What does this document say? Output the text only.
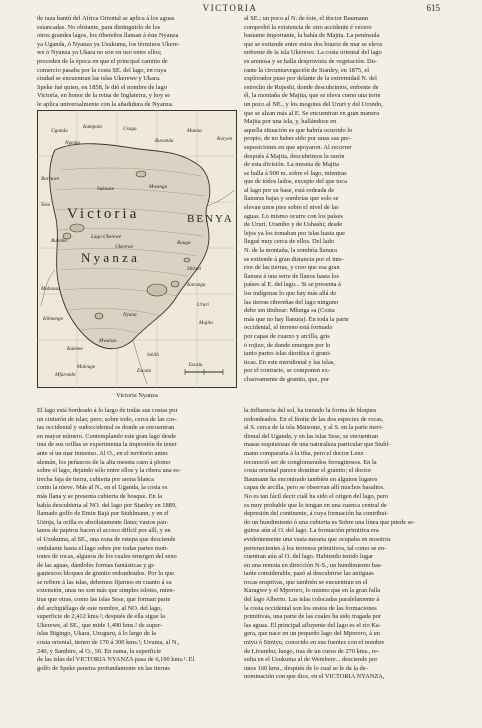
VICTORIA	615
de raza bantú del África Oriental se aplica á los aguas
estancadas. No obstante, para distinguirlo de los
otros grandes lagos, los ribereños llaman á éste Nyanza
ya Uganda, ó Nyanza ya Usukuma, los términos Ukere-
we ó Nyanza ya Ukara no son en uso entre ellos;
proceden de la época en que el principal camino de
comercio pasaba por la costa SE. del lago, en cuya
ciudad se encuentran las islas Ukerewe y Ukara.
Speke fué quien, en 1858, le dió el nombre de lago
Victoria, en honor de la reina de Inglaterra, y hoy se
le aplica universalmente con la añadidura de Nyanza.
al SE.; un poco al N. de éste, el doctor Baumann
comprobó la existencia de otro accidente é vecero
bastante importante, la bahía de Majita. La península
que se extiende entre estos dos brazos de mar se eleva
enfrente de la isla Ukerewe. La costa oriental del lago
es arenosa y se halla desprovista de vegetación. Du-
rante la circunnavegación de Stanley, en 1875, el
explorador puso por delante de la extremidad N. del
estrecho de Rujeshi, donde descubrimos, enfrente de
él, la montaña de Majita, que se eleva como una torre
un poco al NE., y los mogotes del Ururi y del Urondo,
que se alzan más al E. Se encuentran en gran manera
Majita por una isla, y, hallándose en
aquella situación es que habría ocurrido lo
propio, de no haber sido por unas sus pre-
suposiciones en que apoyaron. Al recorrer
después á Majita, descubrimos la razón
de esta división. La meseta de Majita
se halla á 900 m. sobre el lago, mientras
que de todos lados, excepto del que toca
al lago por su base, está rodeada de
llanuras bajas y sombrías que solo se
elevan unos pies sobre el nivel de las
aguas. Lo mismo ocurre con los países
de Ururi, Urambo y de Ushashi; desde
lejos ya los tomaban por islas hasta que
llegué muy cerca de ellos. Del lado
N. de la montaña, la sombría llanura
se extiende á gran distancia por el inte-
rior de las tierras, y creo que esa gran
llanura á una serie de llanos hasta los
países al E. del lago... Si se presenta á
los indígenas lo que hay más allá de
las tierras ribereñas del lago ninguno
debe sin titubear: Mlunga sa (Costa
más que no hay llanura). En toda la parte
occidental, el terreno está formado
por capas de cuarzo y arcilla, gris
ó rojizo, de donde emergen por lo
tanto partes islas diorítica ó grani-
ticas. En este meridional y las islas,
por el contrario, se componen ex-
clusivamente de granito, que, por
Uganda
Kampala	Usoga	Mumia
Koryen
Ngoma	Ruvanda
Burruwe
Sese
Sukause	Mwanga
Bukoba
Lago Ukerewe
Ukerewe
Rouga
Shirati
Karungu
Ururi
Majita
Nyana
Mwanza
Kuleme
Maleuge
Smith
Escala
Kilmengo
Muhassu
Mfarombi
Victoria
N y a n z a
BENYA
Escala
Victoria Nyanza
El lago está bordeado á lo largo de todas sus costas por
un cinturón de islas; pero, sobre todo, cerca de las cos-
tas occidental y sudoccidental es donde se encuentran
en mayor número. Contemplando este gran lago desde
una de sus orillas se experimenta la impresión de tener
ante sí un mar inmenso. Al O., en el territorio antes
alemán, los peñascos de la alta meseta caen á plomo
sobre el lago, dejando sólo entre ellos y la ribera una es-
trecha faja de tierra, cubierta por arena blanca
como la nieve. Más al N., en el Uganda, la costa es
más llana y se presenta cubierta de bosque. En la
bahía descubierta al NO. del lago por Stanley en 1889,
llamado golfo de Emin Bajá por Stuhlmann, y en el
Usinja, la orilla es absolutamente llana; vastos pan-
tanos de papiros hacen el acceso difícil por allí, y en
el Uzukuma, al SE., una zona de estepa que desciende
ondulante hasta el lago sobre por todas partes mon-
tones de rocas, algunos de los cuales emergen del seno
de las aguas, dándoles formas fantásticas y gi-
gantescos bloques de granito redondeados. Por lo que
se refiere á las islas, debemos fijarnos en cuanto á su
extensión, unas no son más que simples islotes, mien-
tras que otras, como las islas Sese, que forman parte
del archipiélago de este nombre, al NO. del lago,
superficie de 2,412 kms.²; después de ella sigue la
Ukerewe, al SE., que mide 1,490 kms.² de super-
islas Bigingo, Ukara, Uzuguru, á lo largo de la
costa oriental, tienen de 170 á 300 kms.²; Uvuma, al N.,
240, y Sanibire, al O., 56. En suma, la superficie
de las islas del VICTORIA NYANZA pasa de 6,100 kms.². El
golfo de Speke penetra profundamente en las tierras
la influencia del sol, ha tomado la forma de bloques
redondeados. En el límite de las dos especies de rocas,
al S. cerca de la isla Maisome, y al S. en la parte meri-
dional del Uganda, y en las islas Sese, se encuentran
masas esquistosas de una naturaleza particular que Stuhl-
mann compararía á la tiba, pero el doctor Lenz
reconoció ser de conglomerados ferruginosos. En la
costa oriental parece dominar el granito; el doctor
Baumann ha encontrado también en algunos lugares
capas de arcilla, pero se observan allí muchos basaltos.
No es tan fácil decir cuál ha sido el origen del lago, pero
es muy probable que lo tengan en una cuenca central de
depresión del continente, á cuya formación ha contribui-
do un hundimiento ó una cubierta es Sobre una línea que puede se-
guirse aún al O. del lago. La formación primitiva era
evidentemente una vasta meseta que ocupaba en nosotros
pertenecientes á los terrenos primitivos, tal como se en-
cuentran aún al O. del lago. Habiendo tenido lugar
en una remota en dirección N-S., un hundimiento bas-
tante considerable, pasó al descubrirse las antiguas
rocas eruptivas, que también se encuentran en el
Karagwe y el Mpororo, lo mismo que en la gran falla
del lago Alberto. Las islas colocadas paralelamente á
la costa occidental son los restos de las formaciones
primitivas, una parte de las cuales ha sido tragada por
las aguas. El principal afluyente del lago es el río Ka-
gera, que nace en un pequeño lago del Mpororo, á un
miyu ó Simiyu, conocido en sus fuentes con el nombre
de Livumbu; luego, tras de un curso de 270 kms., re-
sulta en el Usukuma al de Wembere... desciende por
unos 160 kms., después de lo cual se le da la de-
nominación con que dice, en el VICTORIA NYANZA,
